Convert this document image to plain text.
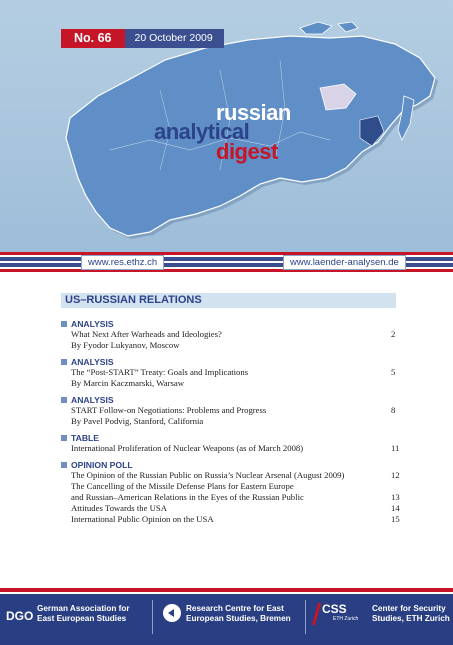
No. 66	20 October 2009
russian
analytical
digest
www.res.ethz.ch	www.laender-analysen.de
US–RUSSIAN RELATIONS
ANALYSIS
What Next After Warheads and Ideologies?	2
By Fyodor Lukyanov, Moscow
ANALYSIS
The “Post-START” Treaty: Goals and Implications	5
By Marcin Kaczmarski, Warsaw
ANALYSIS
START Follow-on Negotiations: Problems and Progress	8
By Pavel Podvig, Stanford, California
TABLE
International Proliferation of Nuclear Weapons (as of March 2008)	11
OPINION POLL
The Opinion of the Russian Public on Russia’s Nuclear Arsenal (August 2009)	12
The Cancelling of the Missile Defense Plans for Eastern Europe
and Russian–American Relations in the Eyes of the Russian Public	13
Attitudes Towards the USA	14
International Public Opinion on the USA	15
DGO
German Association for
East European Studies
Research Centre for East
European Studies, Bremen
CSS
ETH Zurich
Center for Security
Studies, ETH Zurich
